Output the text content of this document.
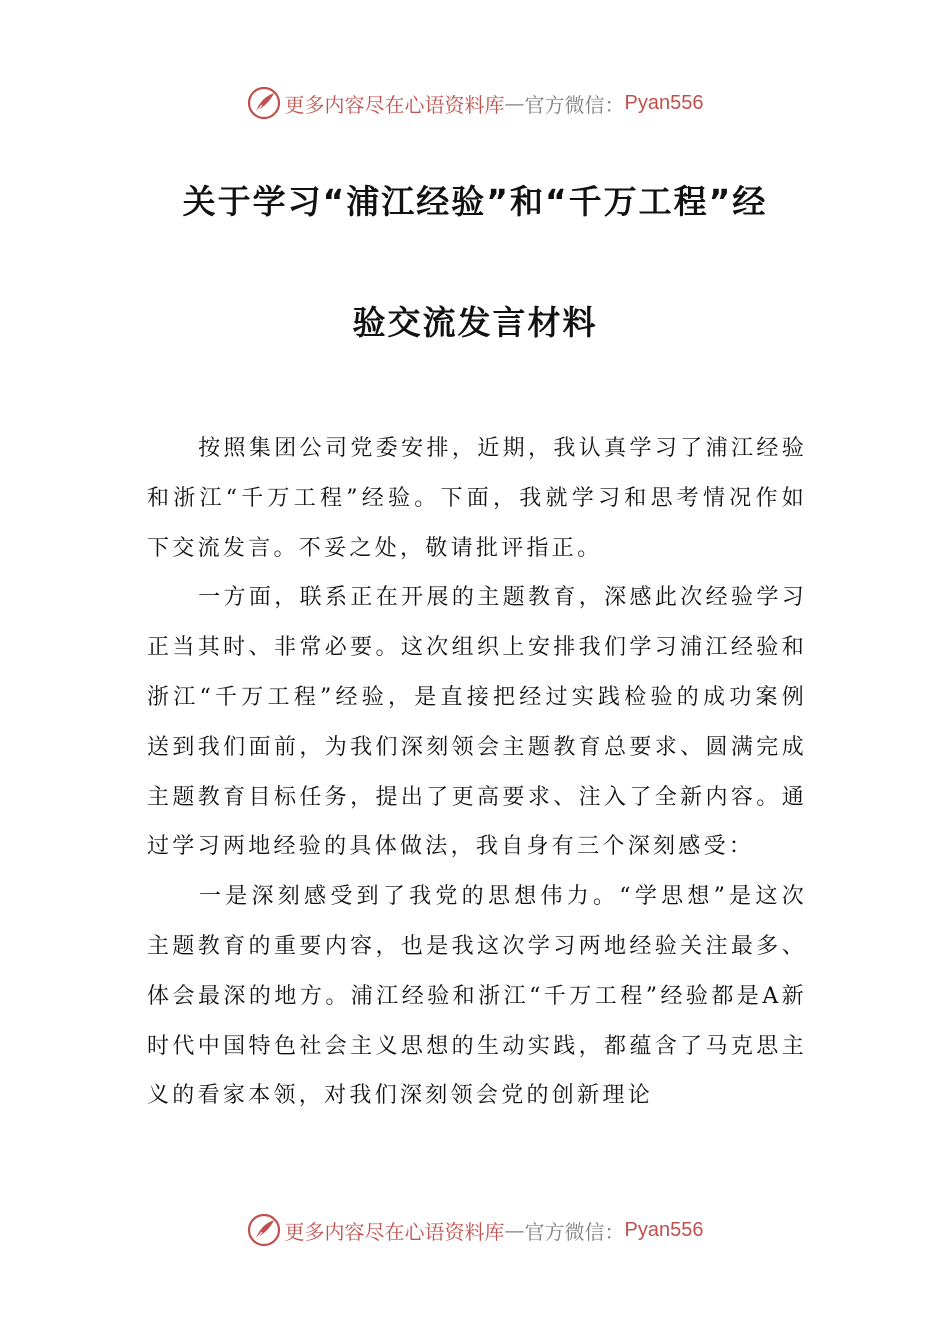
更多内容尽在心语资料库 — 官方微信： Pyan556
关于学习“浦江经验”和“千万工程”经
验交流发言材料

按照集团公司党委安排，近期，我认真学习了浦江经验和浙江“千万工程”经验。下面，我就学习和思考情况作如下交流发言。不妥之处，敬请批评指正。

一方面，联系正在开展的主题教育，深感此次经验学习正当其时、非常必要。这次组织上安排我们学习浦江经验和浙江“千万工程”经验，是直接把经过实践检验的成功案例送到我们面前，为我们深刻领会主题教育总要求、圆满完成主题教育目标任务，提出了更高要求、注入了全新内容。通过学习两地经验的具体做法，我自身有三个深刻感受：

一是深刻感受到了我党的思想伟力。“学思想”是这次主题教育的重要内容，也是我这次学习两地经验关注最多、体会最深的地方。浦江经验和浙江“千万工程”经验都是A新时代中国特色社会主义思想的生动实践，都蕴含了马克思主义的看家本领，对我们深刻领会党的创新理论

更多内容尽在心语资料库 — 官方微信： Pyan556
